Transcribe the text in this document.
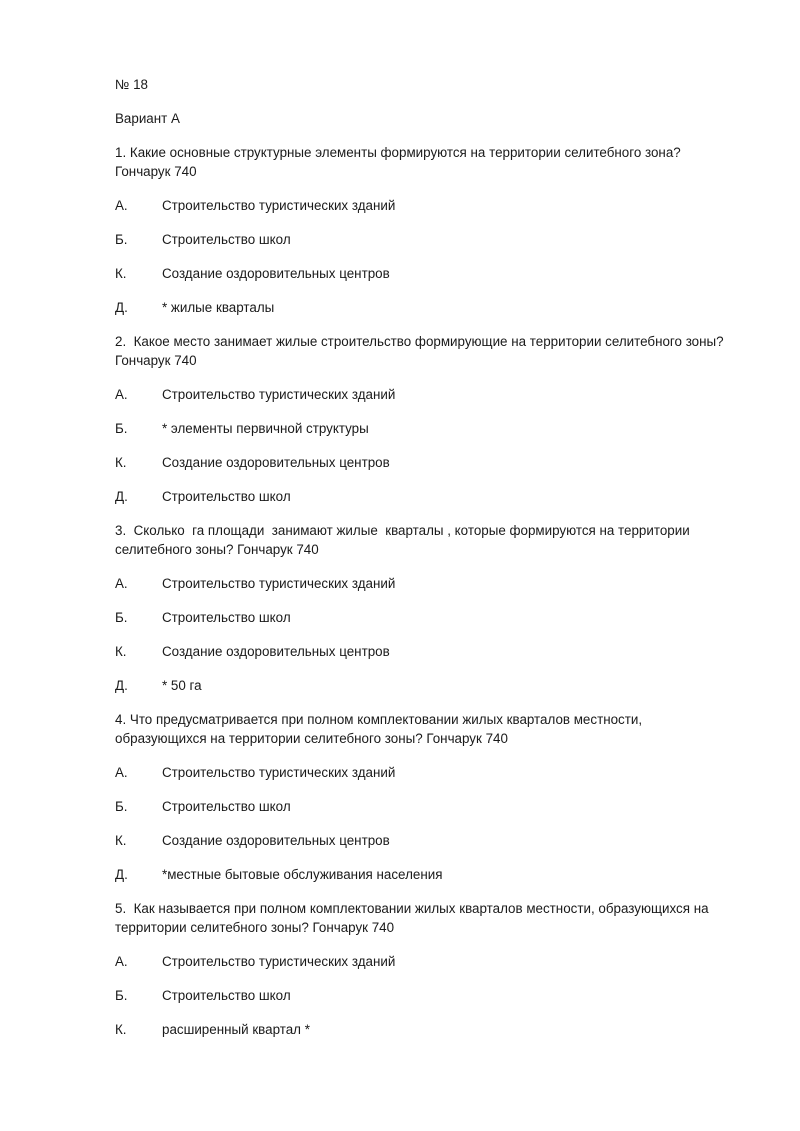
№ 18

Вариант А

1. Какие основные структурные элементы формируются на территории селитебного зона? Гончарук 740

А.	Строительство туристических зданий
Б.	Строительство школ
К.	Создание оздоровительных центров
Д.	* жилые кварталы

2.  Какое место занимает жилые строительство формирующие на территории селитебного зоны? Гончарук 740

А.	Строительство туристических зданий
Б.	* элементы первичной структуры
К.	Создание оздоровительных центров
Д.	Строительство школ

3.  Сколько  га площади  занимают жилые  кварталы , которые формируются на территории селитебного зоны? Гончарук 740

А.	Строительство туристических зданий
Б.	Строительство школ
К.	Создание оздоровительных центров
Д.	* 50 га

4. Что предусматривается при полном комплектовании жилых кварталов местности, образующихся на территории селитебного зоны? Гончарук 740

А.	Строительство туристических зданий
Б.	Строительство школ
К.	Создание оздоровительных центров
Д.	*местные бытовые обслуживания населения

5.  Как называется при полном комплектовании жилых кварталов местности, образующихся на территории селитебного зоны? Гончарук 740

А.	Строительство туристических зданий
Б.	Строительство школ
К.	расширенный квартал *
